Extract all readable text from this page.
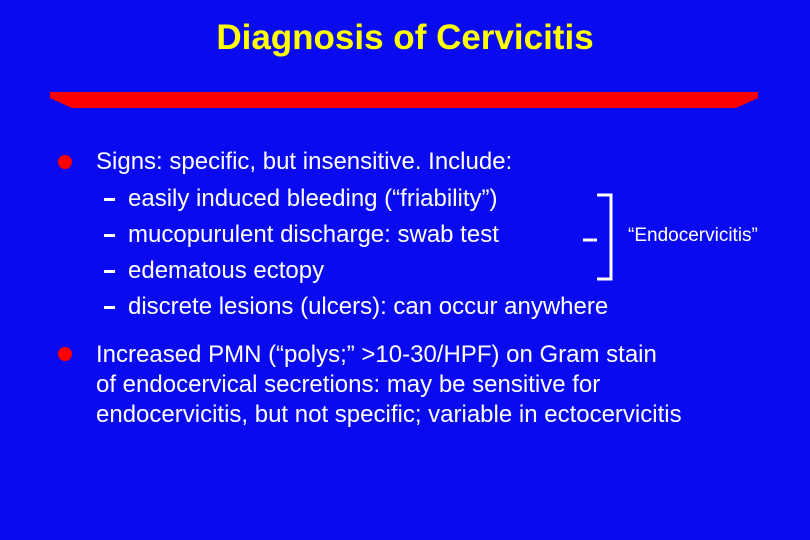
Diagnosis of Cervicitis
Signs: specific, but insensitive. Include:
easily induced bleeding (“friability”)
mucopurulent discharge: swab test
edematous ectopy
discrete lesions (ulcers): can occur anywhere
“Endocervicitis”
Increased PMN (“polys;” >10-30/HPF) on Gram stain
of endocervical secretions: may be sensitive for
endocervicitis, but not specific; variable in ectocervicitis
